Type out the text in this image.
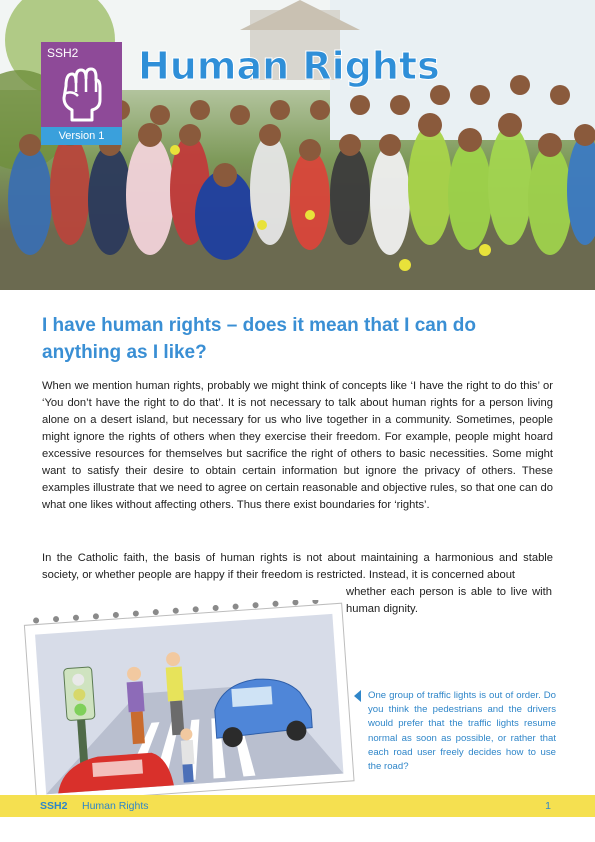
SSH2
Version 1
Human Rights
I have human rights – does it mean that I can do anything as I like?

When we mention human rights, probably we might think of concepts like ‘I have the right to do this’ or ‘You don’t have the right to do that’. It is not necessary to talk about human rights for a person living alone on a desert island, but necessary for us who live together in a community. Sometimes, people might ignore the rights of others when they exercise their freedom. For example, people might hoard excessive resources for themselves but sacrifice the right of others to basic necessities. Some might want to satisfy their desire to obtain certain information but ignore the privacy of others. These examples illustrate that we need to agree on certain reasonable and objective rules, so that one can do what one likes without affecting others. Thus there exist boundaries for ‘rights’.

In the Catholic faith, the basis of human rights is not about maintaining a harmonious and stable society, or whether people are happy if their freedom is restricted. Instead, it is concerned about

whether each person is able to live with human dignity.

One group of traffic lights is out of order. Do you think the pedestrians and the drivers would prefer that the traffic lights resume normal as soon as possible, or rather that each road user freely decides how to use the road?
SSH2 Human Rights	1
